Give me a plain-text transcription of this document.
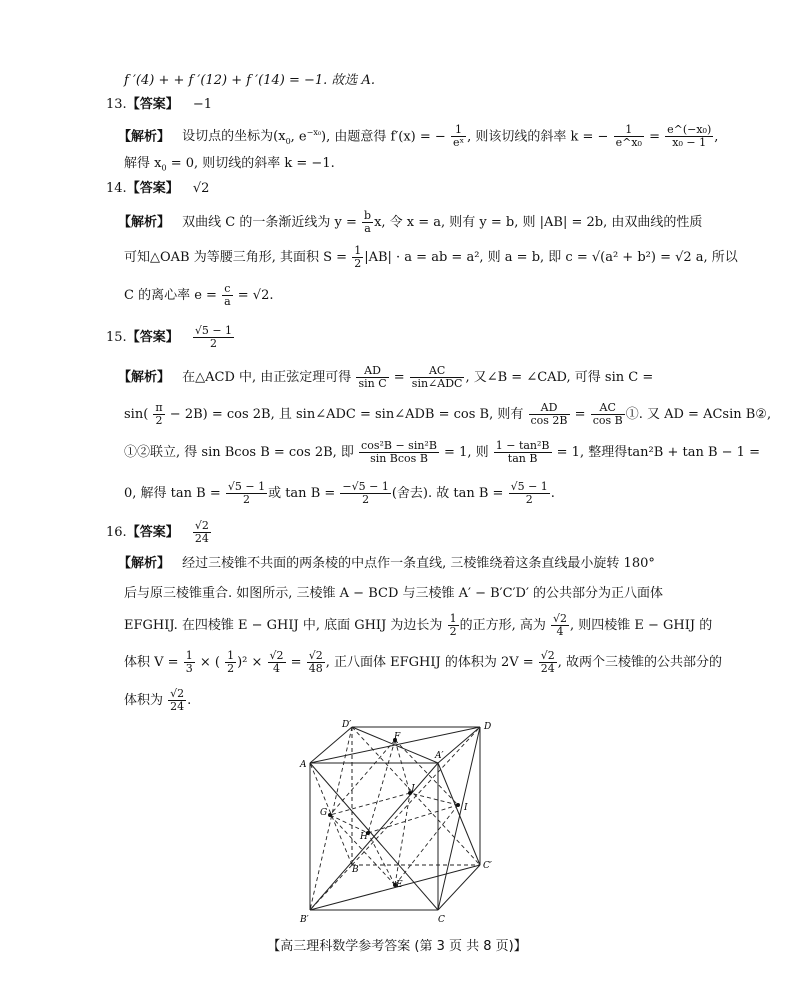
f ′(4) + + f ′(12) + f ′(14) = −1. 故选 A.
13.【答案】 −1
【解析】 设切点的坐标为($x_0$, $e^{-x_0}$), 由题意得 f′(x) = − $\frac{1}{\text{eˣ}}$ , 则该切线的斜率 k = − $\frac{1}{\text{e\textasciicircum{}x₀}} = \frac{\text{e\textasciicircum{}(−x₀)}}{\text{x₀ − 1}}$ ,
解得 $x_0 = 0$, 则切线的斜率 k = −1.
14.【答案】 √2
【解析】 双曲线 C 的一条渐近线为 $y = \frac{b}{a} x$, 令 x = a, 则有 y = b, 则 |AB| = 2b, 由双曲线的性质
可知△OAB 为等腰三角形, 其面积 $S = \frac{1}{2} |AB| \cdot a$ = ab = a², 则 a = b, 即 c = √(a² + b²) = √2 a, 所以
C 的离心率 $e = \frac{c}{a} = √2$.
15.【答案】 $\frac{√5 - 1}{2}$
【解析】 在△ACD 中, 由正弦定理可得 $\frac{AD}{\text{sin C}} = \frac{AC}{\text{sin∠ADC}}$ , 又∠B = ∠CAD, 可得 sin C =
$\sin( \frac{\pi}{2} - 2B) = \cos 2B$, 且 sin∠ADC = sin∠ADB = cos B, 则有 $\frac{AD}{\cos 2B} = \frac{AC}{\text{cos B}}$ ①. 又 AD = ACsin B②,
①②联立, 得 sin Bcos B = cos 2B, 即 $\frac{\text{cos²B − sin²B}}{\text{sin Bcos B}} = 1$, 则 $\frac{\text{1 − tan²B}}{\text{tan B}} = 1$, 整理得tan²B + tan B − 1 =
0, 解得 $\tan B = \frac{√5 - 1}{2}$ 或 $\tan B = \frac{-√5 - 1}{2}$ (舍去). 故 $\tan B = \frac{√5 - 1}{2}$ .
16.【答案】 $\frac{√2}{24}$
【解析】 经过三棱锥不共面的两条棱的中点作一条直线, 三棱锥绕着这条直线最小旋转 180°
后与原三棱锥重合. 如图所示, 三棱锥 A − BCD 与三棱锥 A′ − B′C′D′ 的公共部分为正八面体
EFGHIJ. 在四棱锥 E − GHIJ 中, 底面 GHIJ 为边长为 $\frac{1}{2}$ 的正方形, 高为 $\frac{√2}{4}$ , 则四棱锥 E − GHIJ 的
体积 $V = \frac{1}{3}$ × ( $\frac{1}{2} )^2 \times \frac{√2}{4} = \frac{√2}{48}$ , 正八面体 EFGHIJ 的体积为 $2V = \frac{√2}{24}$ , 故两个三棱锥的公共部分的
体积为 $\frac{√2}{24}$ .
D′	D
F
A′
A
J
G	I
H
C′
B
E
B′	C
【高三理科数学参考答案 (第 3 页 共 8 页)】
